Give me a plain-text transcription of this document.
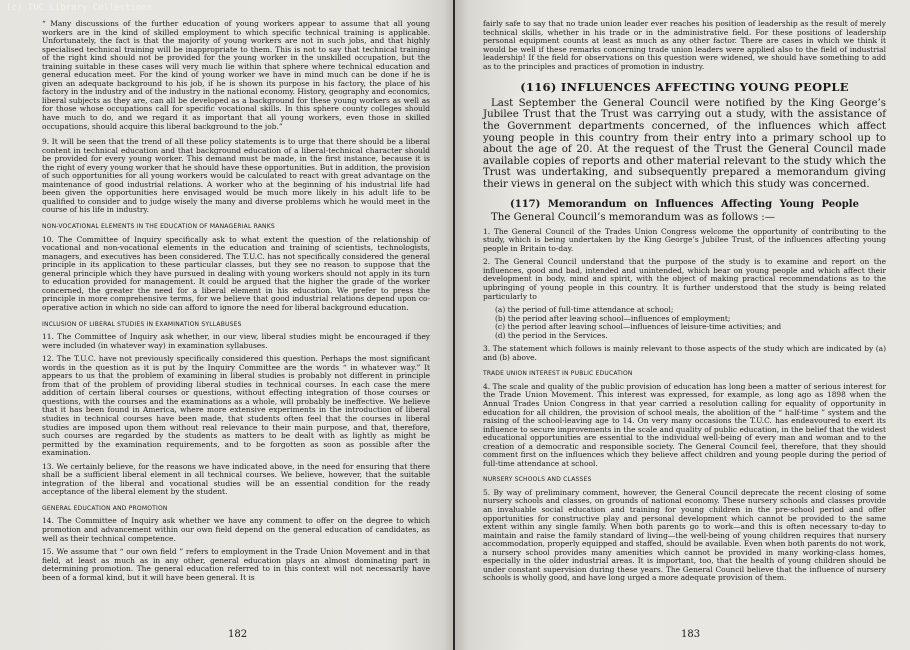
(c) TUC Library Collections

“ Many discussions of the further education of young workers appear to assume that all young workers are in the kind of skilled employment to which specific technical training is applicable. Unfortunately, the fact is that the majority of young workers are not in such jobs, and that highly specialised technical training will be inappropriate to them. This is not to say that technical training of the right kind should not be provided for the young worker in the unskilled occupation, but the training suitable in these cases will very much lie within that sphere where technical education and general education meet. For the kind of young worker we have in mind much can be done if he is given an adequate background to his job, if he is shown its purpose in his factory, the place of his factory in the industry and of the industry in the national economy. History, geography and economics, liberal subjects as they are, can all be developed as a background for these young workers as well as for those whose occupations call for specific vocational skills. In this sphere county colleges should have much to do, and we regard it as important that all young workers, even those in skilled occupations, should acquire this liberal background to the job.”

9. It will be seen that the trend of all these policy statements is to urge that there should be a liberal content in technical education and that background education of a liberal-technical character should be provided for every young worker. This demand must be made, in the first instance, because it is the right of every young worker that he should have these opportunities. But in addition, the provision of such opportunities for all young workers would be calculated to react with great advantage on the maintenance of good industrial relations. A worker who at the beginning of his industrial life had been given the opportunities here envisaged would be much more likely in his adult life to be qualified to consider and to judge wisely the many and diverse problems which he would meet in the course of his life in industry.

NON-VOCATIONAL ELEMENTS IN THE EDUCATION OF MANAGERIAL RANKS

10. The Committee of Inquiry specifically ask to what extent the question of the relationship of vocational and non-vocational elements in the education and training of scientists, technologists, managers, and executives has been considered. The T.U.C. has not specifically considered the general principle in its application to these particular classes, but they see no reason to suppose that the general principle which they have pursued in dealing with young workers should not apply in its turn to education provided for management. It could be argued that the higher the grade of the worker concerned, the greater the need for a liberal element in his education. We prefer to press the principle in more comprehensive terms, for we believe that good industrial relations depend upon co-operative action in which no side can afford to ignore the need for liberal background education.

INCLUSION OF LIBERAL STUDIES IN EXAMINATION SYLLABUSES

11. The Committee of Inquiry ask whether, in our view, liberal studies might be encouraged if they were included (in whatever way) in examination syllabuses.

12. The T.U.C. have not previously specifically considered this question. Perhaps the most significant words in the question as it is put by the Inquiry Committee are the words “ in whatever way.” It appears to us that the problem of examining in liberal studies is probably not different in principle from that of the problem of providing liberal studies in technical courses. In each case the mere addition of certain liberal courses or questions, without effecting integration of those courses or questions, with the courses and the examinations as a whole, will probably be ineffective. We believe that it has been found in America, where more extensive experiments in the introduction of liberal studies in technical courses have been made, that students often feel that the courses in liberal studies are imposed upon them without real relevance to their main purpose, and that, therefore, such courses are regarded by the students as matters to be dealt with as lightly as might be permitted by the examination requirements, and to be forgotten as soon as possible after the examination.

13. We certainly believe, for the reasons we have indicated above, in the need for ensuring that there shall be a sufficient liberal element in all technical courses. We believe, however, that the suitable integration of the liberal and vocational studies will be an essential condition for the ready acceptance of the liberal element by the student.

GENERAL EDUCATION AND PROMOTION

14. The Committee of Inquiry ask whether we have any comment to offer on the degree to which promotion and advancement within our own field depend on the general education of candidates, as well as their technical competence.

15. We assume that “ our own field ” refers to employment in the Trade Union Movement and in that field, at least as much as in any other, general education plays an almost dominating part in determining promotion. The general education referred to in this context will not necessarily have been of a formal kind, but it will have been general. It is

182

fairly safe to say that no trade union leader ever reaches his position of leadership as the result of merely technical skills, whether in his trade or in the administrative field. For these positions of leadership personal equipment counts at least as much as any other factor. There are cases in which we think it would be well if these remarks concerning trade union leaders were applied also to the field of industrial leadership! If the field for observations on this question were widened, we should have something to add as to the principles and practices of promotion in industry.

(116) INFLUENCES AFFECTING YOUNG PEOPLE

Last September the General Council were notified by the King George’s Jubilee Trust that the Trust was carrying out a study, with the assistance of the Government departments concerned, of the influences which affect young people in this country from their entry into a primary school up to about the age of 20. At the request of the Trust the General Council made available copies of reports and other material relevant to the study which the Trust was undertaking, and subsequently prepared a memorandum giving their views in general on the subject with which this study was concerned.

(117) Memorandum on Influences Affecting Young People

The General Council’s memorandum was as follows :—

1. The General Council of the Trades Union Congress welcome the opportunity of contributing to the study, which is being undertaken by the King George’s Jubilee Trust, of the influences affecting young people in Britain to-day.

2. The General Council understand that the purpose of the study is to examine and report on the influences, good and bad, intended and unintended, which bear on young people and which affect their development in body, mind and spirit, with the object of making practical recommendations as to the upbringing of young people in this country. It is further understood that the study is being related particularly to

(a) the period of full-time attendance at school;
(b) the period after leaving school—influences of employment;
(c) the period after leaving school—influences of leisure-time activities; and
(d) the period in the Services.

3. The statement which follows is mainly relevant to those aspects of the study which are indicated by (a) and (b) above.

TRADE UNION INTEREST IN PUBLIC EDUCATION

4. The scale and quality of the public provision of education has long been a matter of serious interest for the Trade Union Movement. This interest was expressed, for example, as long ago as 1898 when the Annual Trades Union Congress in that year carried a resolution calling for equality of opportunity in education for all children, the provision of school meals, the abolition of the “ half-time ” system and the raising of the school-leaving age to 14. On very many occasions the T.U.C. has endeavoured to exert its influence to secure improvements in the scale and quality of public education, in the belief that the widest educational opportunities are essential to the individual well-being of every man and woman and to the creation of a democratic and responsible society. The General Council feel, therefore, that they should comment first on the influences which they believe affect children and young people during the period of full-time attendance at school.

NURSERY SCHOOLS AND CLASSES

5. By way of preliminary comment, however, the General Council deprecate the recent closing of some nursery schools and classes, on grounds of national economy. These nursery schools and classes provide an invaluable social education and training for young children in the pre-school period and offer opportunities for constructive play and personal development which cannot be provided to the same extent within any single family. When both parents go to work—and this is often necessary to-day to maintain and raise the family standard of living—the well-being of young children requires that nursery accommodation, properly equipped and staffed, should be available. Even when both parents do not work, a nursery school provides many amenities which cannot be provided in many working-class homes, especially in the older industrial areas. It is important, too, that the health of young children should be under constant supervision during these years. The General Council believe that the influence of nursery schools is wholly good, and have long urged a more adequate provision of them.

183
